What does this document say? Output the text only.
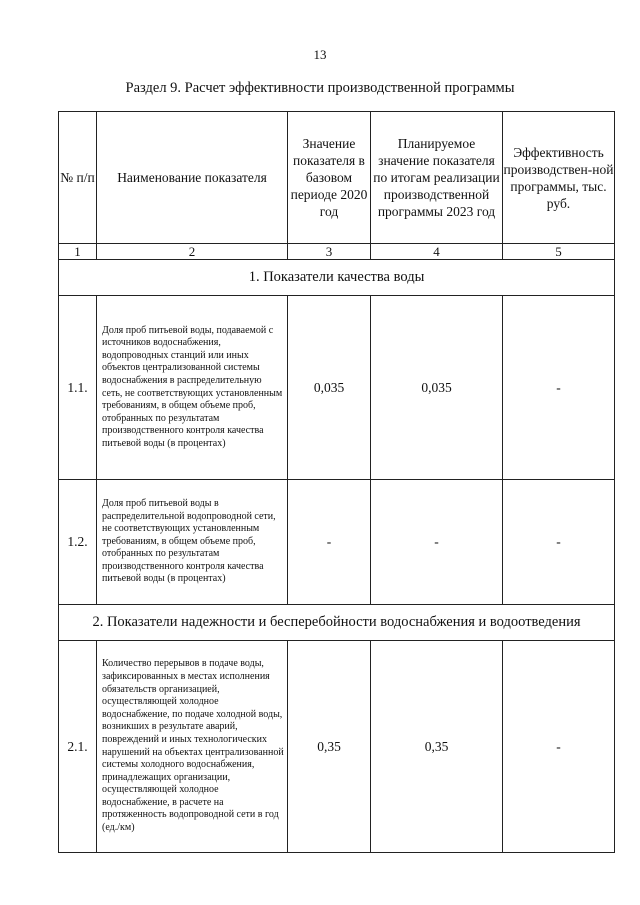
13
Раздел 9. Расчет эффективности производственной программы
№ п/п	Наименование показателя	Значение показателя в базовом периоде 2020 год	Планируемое значение показателя по итогам реализации производственной программы 2023 год	Эффективность производствен-ной программы, тыс. руб.
1	2	3	4	5
1. Показатели качества воды				
1.1.	Доля проб питьевой воды, подаваемой с источников водоснабжения, водопроводных станций или иных объектов централизованной системы водоснабжения в распределительную сеть, не соответствующих установленным требованиям, в общем объеме проб, отобранных по результатам производственного контроля качества питьевой воды (в процентах)	0,035	0,035	-
1.2.	Доля проб питьевой воды в распределительной водопроводной сети, не соответствующих установленным требованиям, в общем объеме проб, отобранных по результатам производственного контроля качества питьевой воды (в процентах)	-	-	-
2. Показатели надежности и бесперебойности водоснабжения и водоотведения				
2.1.	Количество перерывов в подаче воды, зафиксированных в местах исполнения обязательств организацией, осуществляющей холодное водоснабжение, по подаче холодной воды, возникших в результате аварий, повреждений и иных технологических нарушений на объектах централизованной системы холодного водоснабжения, принадлежащих организации, осуществляющей холодное водоснабжение, в расчете на протяженность водопроводной сети в год (ед./км)	0,35	0,35	-
